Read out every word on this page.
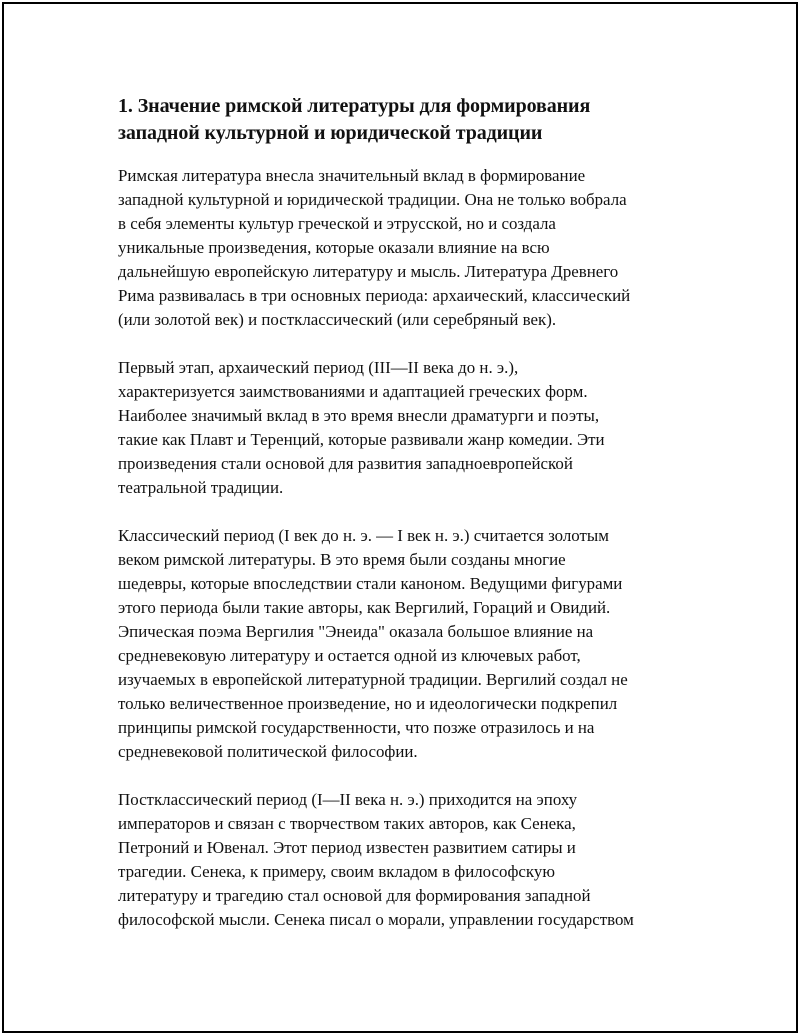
1. Значение римской литературы для формирования
западной культурной и юридической традиции

Римская литература внесла значительный вклад в формирование
западной культурной и юридической традиции. Она не только вобрала
в себя элементы культур греческой и этрусской, но и создала
уникальные произведения, которые оказали влияние на всю
дальнейшую европейскую литературу и мысль. Литература Древнего
Рима развивалась в три основных периода: архаический, классический
(или золотой век) и постклассический (или серебряный век).

Первый этап, архаический период (III—II века до н. э.),
характеризуется заимствованиями и адаптацией греческих форм.
Наиболее значимый вклад в это время внесли драматурги и поэты,
такие как Плавт и Теренций, которые развивали жанр комедии. Эти
произведения стали основой для развития западноевропейской
театральной традиции.

Классический период (I век до н. э. — I век н. э.) считается золотым
веком римской литературы. В это время были созданы многие
шедевры, которые впоследствии стали каноном. Ведущими фигурами
этого периода были такие авторы, как Вергилий, Гораций и Овидий.
Эпическая поэма Вергилия "Энеида" оказала большое влияние на
средневековую литературу и остается одной из ключевых работ,
изучаемых в европейской литературной традиции. Вергилий создал не
только величественное произведение, но и идеологически подкрепил
принципы римской государственности, что позже отразилось и на
средневековой политической философии.

Постклассический период (I—II века н. э.) приходится на эпоху
императоров и связан с творчеством таких авторов, как Сенека,
Петроний и Ювенал. Этот период известен развитием сатиры и
трагедии. Сенека, к примеру, своим вкладом в философскую
литературу и трагедию стал основой для формирования западной
философской мысли. Сенека писал о морали, управлении государством
